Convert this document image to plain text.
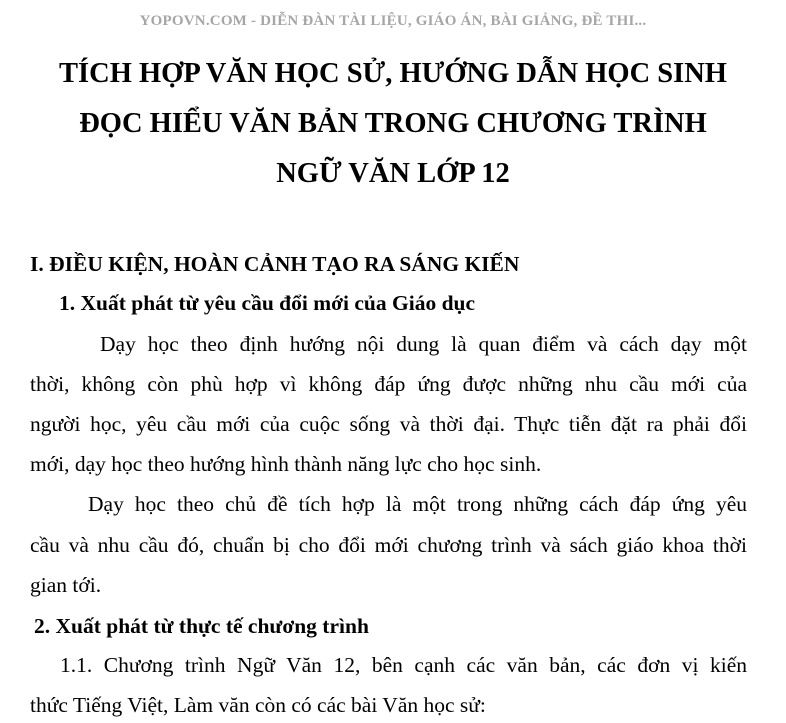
YOPOVN.COM - DIỄN ĐÀN TÀI LIỆU, GIÁO ÁN, BÀI GIẢNG, ĐỀ THI...
TÍCH HỢP VĂN HỌC SỬ, HƯỚNG DẪN HỌC SINH
ĐỌC HIỂU VĂN BẢN TRONG CHƯƠNG TRÌNH
NGỮ VĂN LỚP 12
I. ĐIỀU KIỆN, HOÀN CẢNH TẠO RA SÁNG KIẾN
1. Xuất phát từ yêu cầu đổi mới của Giáo dục
Dạy học theo định hướng nội dung là quan điểm và cách dạy một
thời, không còn phù hợp vì không đáp ứng được những nhu cầu mới của
người học, yêu cầu mới của cuộc sống và thời đại. Thực tiễn đặt ra phải đổi
mới, dạy học theo hướng hình thành năng lực cho học sinh.
Dạy học theo chủ đề tích hợp là một trong những cách đáp ứng yêu
cầu và nhu cầu đó, chuẩn bị cho đổi mới chương trình và sách giáo khoa thời
gian tới.
2. Xuất phát từ thực tế chương trình
1.1. Chương trình Ngữ Văn 12, bên cạnh các văn bản, các đơn vị kiến
thức Tiếng Việt, Làm văn còn có các bài Văn học sử:
